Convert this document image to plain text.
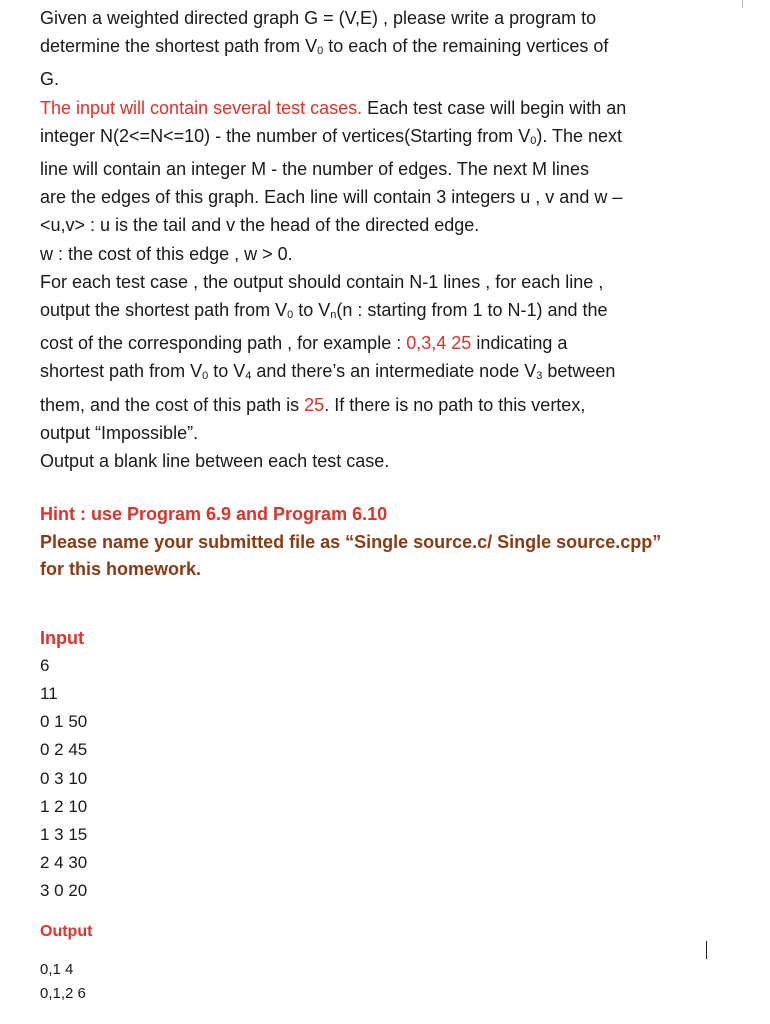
Given a weighted directed graph G = (V,E) , please write a program to

determine the shortest path from $V_0$ to each of the remaining vertices of

G.

The input will contain several test cases. Each test case will begin with an

integer N(2<=N<=10) - the number of vertices(Starting from $V_0$). The next

line will contain an integer M - the number of edges. The next M lines

are the edges of this graph. Each line will contain 3 integers u , v and w –

<u,v> : u is the tail and v the head of the directed edge.

w : the cost of this edge , w > 0.

For each test case , the output should contain N-1 lines , for each line ,

output the shortest path from $V_0$ to $V_n(n$ : starting from 1 to N-1) and the

cost of the corresponding path , for example : 0,3,4 25 indicating a

shortest path from $V_0$ to $V_4$ and there’s an intermediate node $V_3$ between

them, and the cost of this path is 25. If there is no path to this vertex,

output “Impossible”.

Output a blank line between each test case.

Hint : use Program 6.9 and Program 6.10

Please name your submitted file as “Single source.c/ Single source.cpp”

for this homework.

Input

6

11

0 1 50

0 2 45

0 3 10

1 2 10

1 3 15

2 4 30

3 0 20

Output

0,1 4

0,1,2 6
